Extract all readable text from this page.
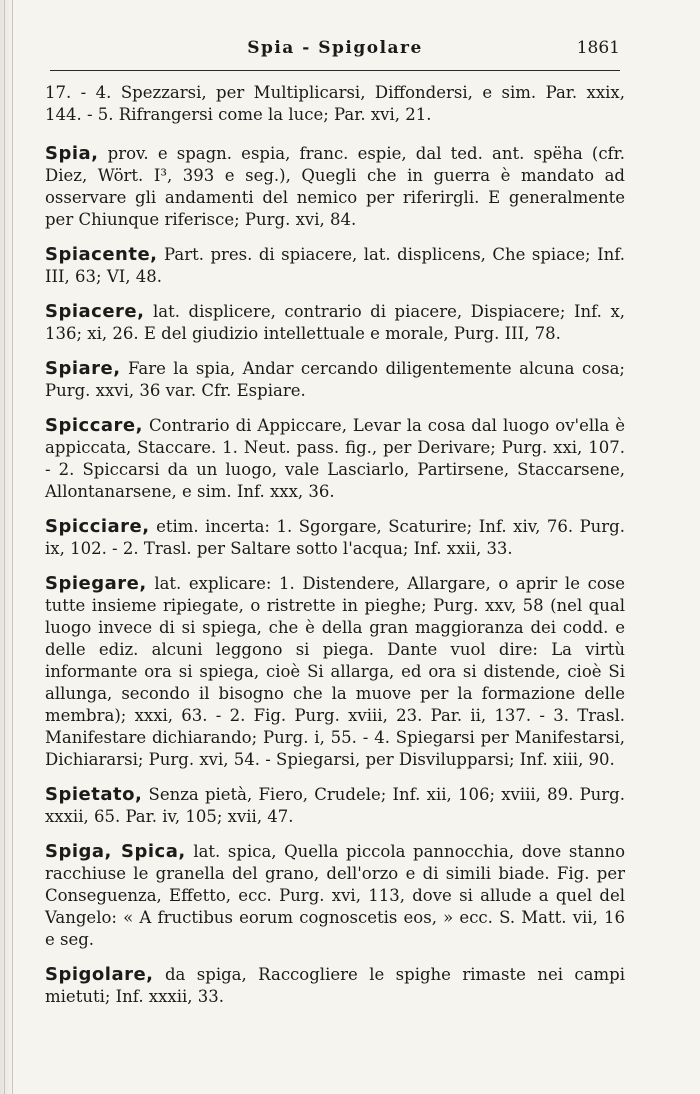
Spia - Spigolare	1861

17. - 4. Spezzarsi, per Multiplicarsi, Diffondersi, e sim. Par. xxix, 144. - 5. Rifrangersi come la luce; Par. xvi, 21.

Spia, prov. e spagn. espia, franc. espie, dal ted. ant. spëha (cfr. Diez, Wört. I³, 393 e seg.), Quegli che in guerra è mandato ad osservare gli andamenti del nemico per riferirgli. E generalmente per Chiunque riferisce; Purg. xvi, 84.

Spiacente, Part. pres. di spiacere, lat. displicens, Che spiace; Inf. III, 63; VI, 48.

Spiacere, lat. displicere, contrario di piacere, Dispiacere; Inf. x, 136; xi, 26. E del giudizio intellettuale e morale, Purg. III, 78.

Spiare, Fare la spia, Andar cercando diligentemente alcuna cosa; Purg. xxvi, 36 var. Cfr. Espiare.

Spiccare, Contrario di Appiccare, Levar la cosa dal luogo ov'ella è appiccata, Staccare. 1. Neut. pass. fig., per Derivare; Purg. xxi, 107. - 2. Spiccarsi da un luogo, vale Lasciarlo, Partirsene, Staccarsene, Allontanarsene, e sim. Inf. xxx, 36.

Spicciare, etim. incerta: 1. Sgorgare, Scaturire; Inf. xiv, 76. Purg. ix, 102. - 2. Trasl. per Saltare sotto l'acqua; Inf. xxii, 33.

Spiegare, lat. explicare: 1. Distendere, Allargare, o aprir le cose tutte insieme ripiegate, o ristrette in pieghe; Purg. xxv, 58 (nel qual luogo invece di si spiega, che è della gran maggioranza dei codd. e delle ediz. alcuni leggono si piega. Dante vuol dire: La virtù informante ora si spiega, cioè Si allarga, ed ora si distende, cioè Si allunga, secondo il bisogno che la muove per la formazione delle membra); xxxi, 63. - 2. Fig. Purg. xviii, 23. Par. ii, 137. - 3. Trasl. Manifestare dichiarando; Purg. i, 55. - 4. Spiegarsi per Manifestarsi, Dichiararsi; Purg. xvi, 54. - Spiegarsi, per Disvilupparsi; Inf. xiii, 90.

Spietato, Senza pietà, Fiero, Crudele; Inf. xii, 106; xviii, 89. Purg. xxxii, 65. Par. iv, 105; xvii, 47.

Spiga, Spica, lat. spica, Quella piccola pannocchia, dove stanno racchiuse le granella del grano, dell'orzo e di simili biade. Fig. per Conseguenza, Effetto, ecc. Purg. xvi, 113, dove si allude a quel del Vangelo: « A fructibus eorum cognoscetis eos, » ecc. S. Matt. vii, 16 e seg.

Spigolare, da spiga, Raccogliere le spighe rimaste nei campi mietuti; Inf. xxxii, 33.
